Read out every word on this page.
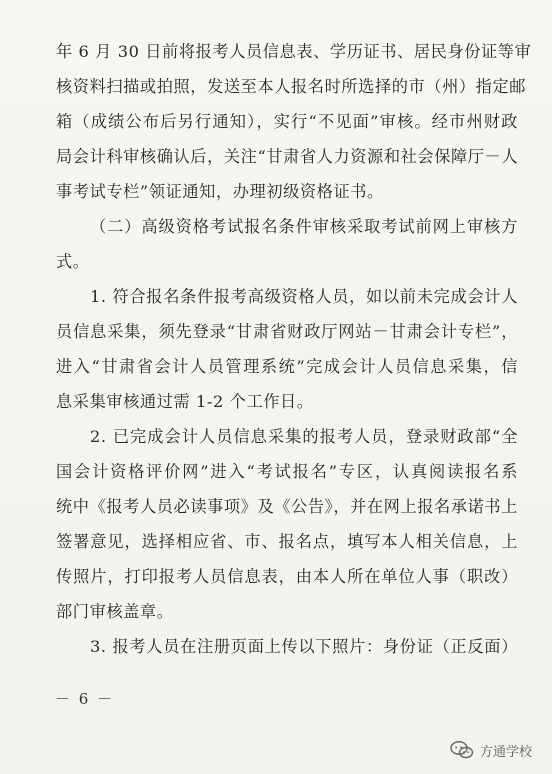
年 6 月 30 日前将报考人员信息表、学历证书、居民身份证等审
核资料扫描或拍照，发送至本人报名时所选择的市（州）指定邮
箱（成绩公布后另行通知），实行“不见面”审核。经市州财政
局会计科审核确认后，关注“甘肃省人力资源和社会保障厅－人
事考试专栏”领证通知，办理初级资格证书。
（二）高级资格考试报名条件审核采取考试前网上审核方
式。
1. 符合报名条件报考高级资格人员，如以前未完成会计人
员信息采集，须先登录“甘肃省财政厅网站－甘肃会计专栏”，
进入“甘肃省会计人员管理系统”完成会计人员信息采集，信
息采集审核通过需 1-2 个工作日。
2. 已完成会计人员信息采集的报考人员，登录财政部“全
国会计资格评价网”进入“考试报名”专区，认真阅读报名系
统中《报考人员必读事项》及《公告》，并在网上报名承诺书上
签署意见，选择相应省、市、报名点，填写本人相关信息，上
传照片，打印报考人员信息表，由本人所在单位人事（职改）
部门审核盖章。
3. 报考人员在注册页面上传以下照片：身份证（正反面）
－ 6 －
方通学校
